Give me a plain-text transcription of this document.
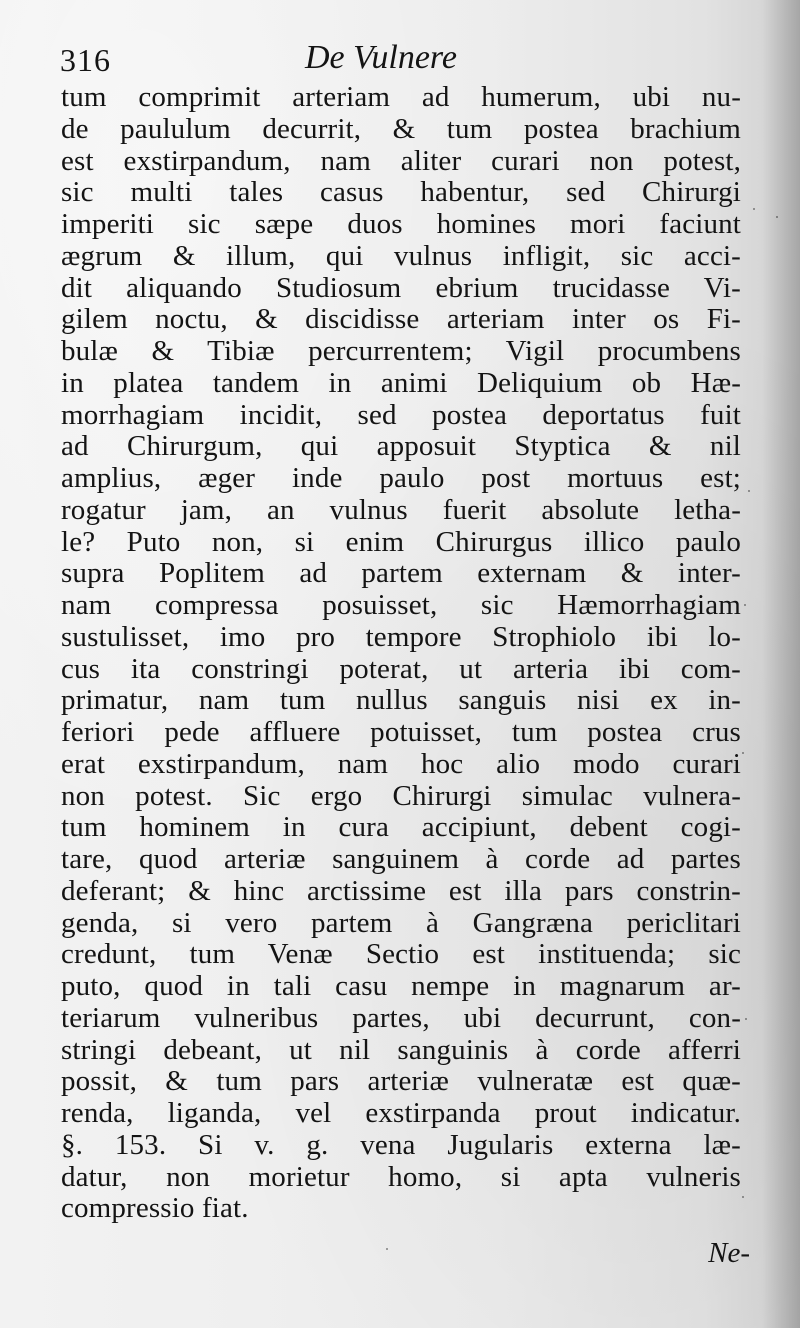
316	De Vulnere
tum comprimit arteriam ad humerum, ubi nu-
de paululum decurrit, & tum postea brachium
est exstirpandum, nam aliter curari non potest,
sic multi tales casus habentur, sed Chirurgi
imperiti sic sæpe duos homines mori faciunt
ægrum & illum, qui vulnus infligit, sic acci-
dit aliquando Studiosum ebrium trucidasse Vi-
gilem noctu, & discidisse arteriam inter os Fi-
bulæ & Tibiæ percurrentem; Vigil procumbens
in platea tandem in animi Deliquium ob Hæ-
morrhagiam incidit, sed postea deportatus fuit
ad Chirurgum, qui apposuit Styptica & nil
amplius, æger inde paulo post mortuus est;
rogatur jam, an vulnus fuerit absolute letha-
le? Puto non, si enim Chirurgus illico paulo
supra Poplitem ad partem externam & inter-
nam compressa posuisset, sic Hæmorrhagiam
sustulisset, imo pro tempore Strophiolo ibi lo-
cus ita constringi poterat, ut arteria ibi com-
primatur, nam tum nullus sanguis nisi ex in-
feriori pede affluere potuisset, tum postea crus
erat exstirpandum, nam hoc alio modo curari
non potest. Sic ergo Chirurgi simulac vulnera-
tum hominem in cura accipiunt, debent cogi-
tare, quod arteriæ sanguinem à corde ad partes
deferant; & hinc arctissime est illa pars constrin-
genda, si vero partem à Gangræna periclitari
credunt, tum Venæ Sectio est instituenda; sic
puto, quod in tali casu nempe in magnarum ar-
teriarum vulneribus partes, ubi decurrunt, con-
stringi debeant, ut nil sanguinis à corde afferri
possit, & tum pars arteriæ vulneratæ est quæ-
renda, liganda, vel exstirpanda prout indicatur.
§. 153. Si v. g. vena Jugularis externa læ-
datur, non morietur homo, si apta vulneris
compressio fiat.
Ne-
